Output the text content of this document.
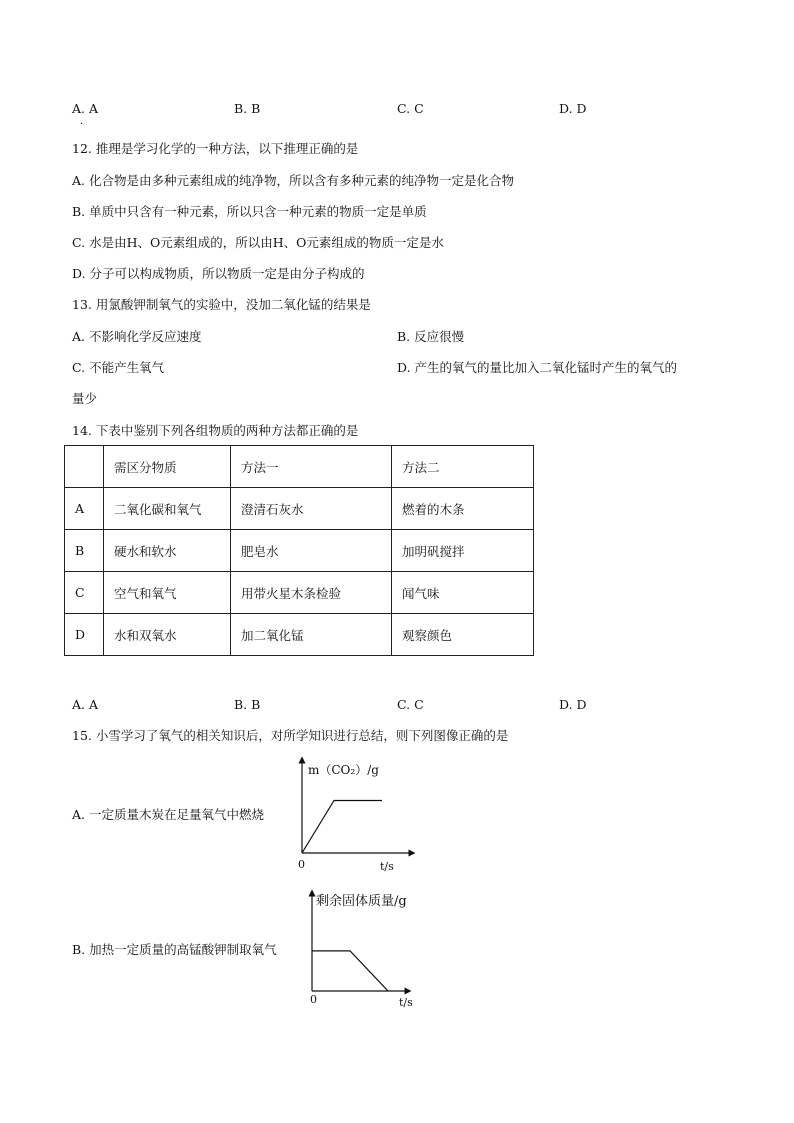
A. A
·
B. B	C. C	D. D
12. 推理是学习化学的一种方法，以下推理正确的是
A. 化合物是由多种元素组成的纯净物，所以含有多种元素的纯净物一定是化合物
B. 单质中只含有一种元素，所以只含一种元素的物质一定是单质
C. 水是由H、O元素组成的，所以由H、O元素组成的物质一定是水
D. 分子可以构成物质，所以物质一定是由分子构成的
13. 用氯酸钾制氧气的实验中，没加二氧化锰的结果是
A. 不影响化学反应速度	B. 反应很慢
C. 不能产生氧气	D. 产生的氧气的量比加入二氧化锰时产生的氧气的
量少
14. 下表中鉴别下列各组物质的两种方法都正确的是
	需区分物质	方法一	方法二
A	二氧化碳和氧气	澄清石灰水	燃着的木条
B	硬水和软水	肥皂水	加明矾搅拌
C	空气和氧气	用带火星木条检验	闻气味
D	水和双氧水	加二氧化锰	观察颜色
A. A	B. B	C. C	D. D
15. 小雪学习了氧气的相关知识后，对所学知识进行总结，则下列图像正确的是
A. 一定质量木炭在足量氧气中燃烧
B. 加热一定质量的高锰酸钾制取氧气
m（CO₂）/g
t/s
0
剩余固体质量/g
t/s
0
